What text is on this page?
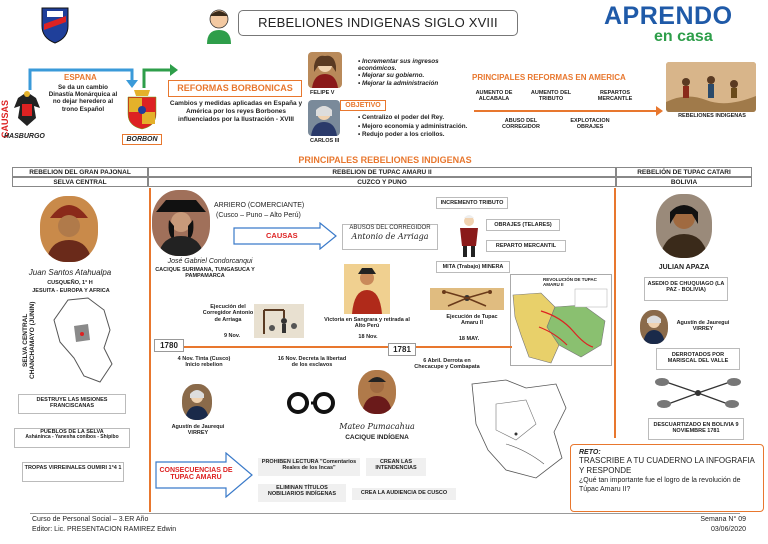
REBELIONES INDIGENAS SIGLO XVIII	APRENDO
en casa
CAUSAS
HASBURGO
ESPANA
Se da un cambio Dinastía Monárquica al no dejar heredero al trono Español
BORBON
REFORMAS BORBONICAS
Cambios y medidas aplicadas en España y América por los reyes Borbones influenciados por la Ilustración - XVIII
FELIPE V
CARLOS III
• Incrementar sus ingresos económicos.
• Mejorar su gobierno.
• Mejorar la administración
OBJETIVO
• Centralizo el poder del Rey.
• Mejoro economía y administración.
• Redujo poder a los criollos.
PRINCIPALES REFORMAS EN AMERICA
AUMENTO DE ALCABALA
AUMENTO DEL TRIBUTO
REPARTOS MERCANTLE
ABUSO DEL CORREGIDOR
EXPLOTACION OBRAJES
REBELIONES INDIGENAS
PRINCIPALES REBELIONES INDIGENAS
REBELION DEL GRAN PAJONAL	REBELION DE TUPAC AMARU II	REBELIÓN DE TUPAC CATARI
SELVA CENTRAL	CUZCO Y PUNO	BOLIVIA
Juan Santos Atahualpa
CUSQUEÑO, 1° H
JESUITA - EUROPA Y AFRICA
SELVA CENTRAL CHANCHAMAYO (JUNIN)
DESTRUYE LAS MISIONES FRANCISCANAS
PUEBLOS DE LA SELVA
Asháninca - Yanesha conibos - Shipibo
TROPAS VIRREINALES OUMIRI 1°4 1
ARRIERO (COMERCIANTE)
(Cusco – Puno – Alto Perú)
José Gabriel Condorcanqui
CACIQUE SURIMANA, TUNGASUCA Y PAMPAMARCA
CAUSAS
ABUSOS DEL CORREGIDOR
Antonio de Arriaga
INCREMENTO TRIBUTO
OBRAJES (TELARES)
REPARTO MERCANTIL
MITA (Trabajo) MINERA
Ejecución del Corregidor Antonio de Arriaga
9 Nov.
Victoria en Sangrara y retirada al Alto Perú
18 Nov.
Ejecución de Tupac Amaru II
18 MAY.
REVOLUCIÓN DE TUPAC AMARU II
1780	1781
4 Nov. Tinta (Cusco) Inicio rebelion
16 Nov. Decreta la libertad de los esclavos
6 Abril. Derrota en Checacupe y Combapata
Agustín de Jaurequi VIRREY
Mateo Pumacahua
CACIQUE INDÍGENA
CONSECUENCIAS DE TUPAC AMARU
PROHIBEN LECTURA "Comentarios Reales de los Incas"
CREAN LAS INTENDENCIAS
ELIMINAN TÍTULOS NOBILIARIOS INDÍGENAS	CREA LA AUDIENCIA DE CUSCO
JULIAN APAZA
ASEDIO DE CHUQUIAGO (LA PAZ - BOLIVIA)
Agustín de Jauregui VIRREY
DERROTADOS POR MARISCAL DEL VALLE
DESCUARTIZADO EN BOLIVIA 9 NOVIEMBRE 1781
RETO:
TRASCRIBE A TU CUADERNO LA INFOGRAFIA Y RESPONDE
¿Qué tan importante fue el logro de la revolución de Túpac Amaru II?
Curso de Personal Social – 3.ER Año
Editor: Lic. PRESENTACION RAMIREZ Edwin
Semana N° 09
03/06/2020
